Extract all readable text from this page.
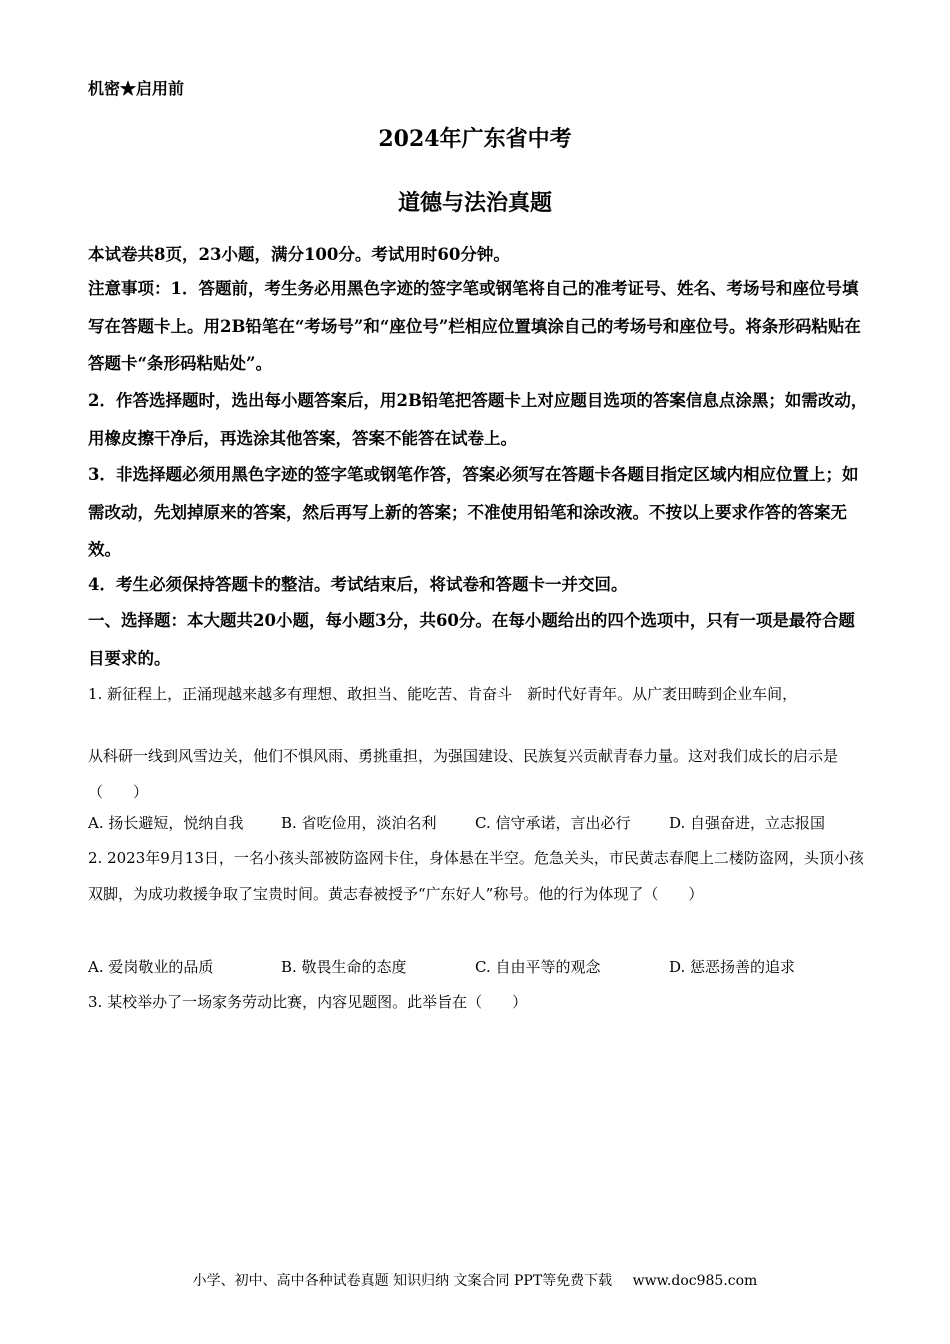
机密★启用前
2024年广东省中考
道德与法治真题
本试卷共8页，23小题，满分100分。考试用时60分钟。
注意事项：1．答题前，考生务必用黑色字迹的签字笔或钢笔将自己的准考证号、姓名、考场号和座位号填写在答题卡上。用2B铅笔在“考场号”和“座位号”栏相应位置填涂自己的考场号和座位号。将条形码粘贴在答题卡“条形码粘贴处”。
2．作答选择题时，选出每小题答案后，用2B铅笔把答题卡上对应题目选项的答案信息点涂黑；如需改动，用橡皮擦干净后，再选涂其他答案，答案不能答在试卷上。
3．非选择题必须用黑色字迹的签字笔或钢笔作答，答案必须写在答题卡各题目指定区域内相应位置上；如需改动，先划掉原来的答案，然后再写上新的答案；不准使用铅笔和涂改液。不按以上要求作答的答案无效。
4．考生必须保持答题卡的整洁。考试结束后，将试卷和答题卡一并交回。
一、选择题：本大题共20小题，每小题3分，共60分。在每小题给出的四个选项中，只有一项是最符合题目要求的。
1. 新征程上，正涌现越来越多有理想、敢担当、能吃苦、肯奋斗　新时代好青年。从广袤田畴到企业车间，
从科研一线到风雪边关，他们不惧风雨、勇挑重担，为强国建设、民族复兴贡献青春力量。这对我们成长的启示是（　　）
A. 扬长避短，悦纳自我	B. 省吃俭用，淡泊名利	C. 信守承诺，言出必行	D. 自强奋进，立志报国
2. 2023年9月13日，一名小孩头部被防盗网卡住，身体悬在半空。危急关头，市民黄志春爬上二楼防盗网，头顶小孩双脚，为成功救援争取了宝贵时间。黄志春被授予“广东好人”称号。他的行为体现了（　　）
A. 爱岗敬业的品质	B. 敬畏生命的态度	C. 自由平等的观念	D. 惩恶扬善的追求
3. 某校举办了一场家务劳动比赛，内容见题图。此举旨在（　　）
小学、初中、高中各种试卷真题 知识归纳 文案合同 PPT等免费下载 www.doc985.com
